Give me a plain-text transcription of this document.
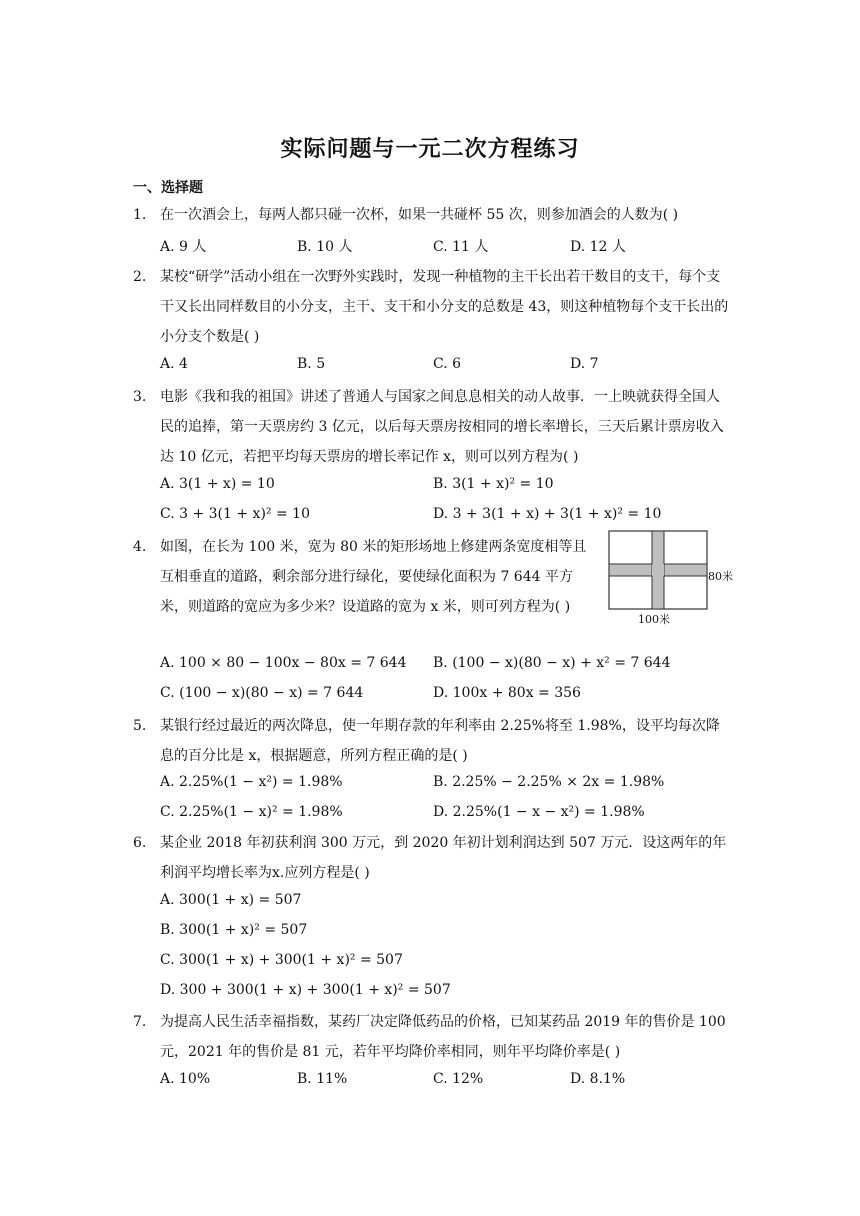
实际问题与一元二次方程练习
一、选择题
1. 在一次酒会上，每两人都只碰一次杯，如果一共碰杯 55 次，则参加酒会的人数为( )
A. 9 人	B. 10 人	C. 11 人	D. 12 人
2. 某校“研学”活动小组在一次野外实践时，发现一种植物的主干长出若干数目的支干，每个支干又长出同样数目的小分支，主干、支干和小分支的总数是 43，则这种植物每个支干长出的小分支个数是( )
A. 4	B. 5	C. 6	D. 7
3. 电影《我和我的祖国》讲述了普通人与国家之间息息相关的动人故事．一上映就获得全国人民的追捧，第一天票房约 3 亿元，以后每天票房按相同的增长率增长，三天后累计票房收入达 10 亿元，若把平均每天票房的增长率记作 x，则可以列方程为( )
A. 3(1 + x) = 10	B. 3(1 + x)² = 10
C. 3 + 3(1 + x)² = 10	D. 3 + 3(1 + x) + 3(1 + x)² = 10
4. 如图，在长为 100 米，宽为 80 米的矩形场地上修建两条宽度相等且互相垂直的道路，剩余部分进行绿化，要使绿化面积为 7 644 平方米，则道路的宽应为多少米？设道路的宽为 x 米，则可列方程为( )
80米
100米
A. 100 × 80 − 100x − 80x = 7 644 B. (100 − x)(80 − x) + x² = 7 644
C. (100 − x)(80 − x) = 7 644	D. 100x + 80x = 356
5. 某银行经过最近的两次降息，使一年期存款的年利率由 2.25%将至 1.98%，设平均每次降息的百分比是 x，根据题意，所列方程正确的是( )
A. 2.25%(1 − x²) = 1.98%	B. 2.25% − 2.25% × 2x = 1.98%
C. 2.25%(1 − x)² = 1.98%	D. 2.25%(1 − x − x²) = 1.98%
6. 某企业 2018 年初获利润 300 万元，到 2020 年初计划利润达到 507 万元．设这两年的年利润平均增长率为x.应列方程是( )
A. 300(1 + x) = 507
B. 300(1 + x)² = 507
C. 300(1 + x) + 300(1 + x)² = 507
D. 300 + 300(1 + x) + 300(1 + x)² = 507
7. 为提高人民生活幸福指数，某药厂决定降低药品的价格，已知某药品 2019 年的售价是 100 元，2021 年的售价是 81 元，若年平均降价率相同，则年平均降价率是( )
A. 10%	B. 11%	C. 12%	D. 8.1%
